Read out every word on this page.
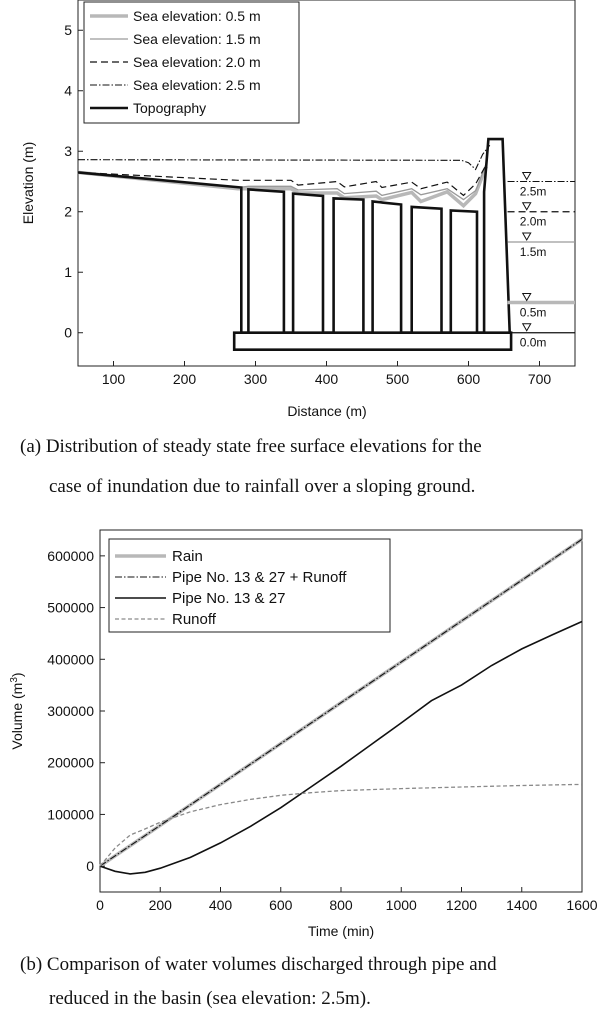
100	200	300	400	500	600	700
0
1
2
3
4
5
2.5m
2.0m
1.5m
0.5m
0.0m
Sea elevation: 0.5 m
Sea elevation: 1.5 m
Sea elevation: 2.0 m
Sea elevation: 2.5 m
Topography
Distance (m)
Elevation (m)
(a) Distribution of steady state free surface elevations for the
case of inundation due to rainfall over a sloping ground.
0	200	400	600	800 1000 1200 1400 1600
0
100000
200000
300000
400000
500000
600000	Rain
Pipe No. 13 & 27 + Runoff
Pipe No. 13 & 27
Runoff
Time (min)
Volume $(m^3)$
(b) Comparison of water volumes discharged through pipe and
reduced in the basin (sea elevation: 2.5m).
